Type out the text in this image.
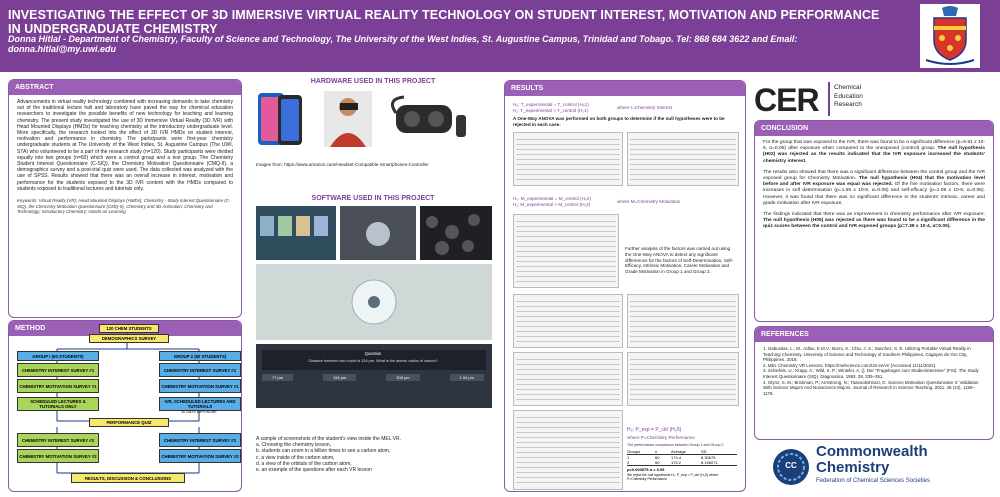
INVESTIGATING THE EFFECT OF 3D IMMERSIVE VIRTUAL REALITY TECHNOLOGY ON STUDENT INTEREST, MOTIVATION AND PERFORMANCE IN UNDERGRADUATE CHEMISTRY
Donna Hitlal - Department of Chemistry, Faculty of Science and Technology, The University of the West Indies, St. Augustine Campus, Trinidad and Tobago. Tel: 868 684 3622 and Email: donna.hitlal@my.uwi.edu
ABSTRACT
Advancements in virtual reality technology combined with increasing demands to take chemistry out of the traditional lecture hall and laboratory have paved the way for chemical education researchers to investigate the possible benefits of new technology for teaching and learning chemistry. The present study investigated the use of 3D Immersive Virtual Reality (3D IVR) with Head Mounted Displays (HMDs) for teaching chemistry at the introductory undergraduate level. More specifically, the research looked into the effect of 3D IVR HMDs on student interest, motivation and performance in chemistry. The participants were first-year chemistry undergraduate students at The University of the West Indies, St. Augustine Campus (The UWI, STA) who volunteered to be a part of the research study (n=120). Study participants were divided equally into two groups (n=60) which were a control group and a test group. The Chemistry Student Interest Questionnaire (C-SIQ), the Chemistry Motivation Questionnaire (CMQ-II), a demographics survey and a post-trial quiz were used. The data collected was analyzed with the use of SPSS. Results showed that there was an overall increase in interest, motivation and performance for the students exposed to the 3D IVR content with the HMDs compared to students exposed to traditional lectures and tutorials only.
Keywords: Virtual Reality (VR); Head Mounted Displays (HMDs); Chemistry - Study Interest Questionnaire (C-SIQ), the Chemistry Motivation Questionnaire (CMQ-II), Chemistry and 3D Animation; Chemistry and Technology; Introductory Chemistry; Hands-on Learning
METHOD	120 CHEM STUDENTS
DEMOGRAPHICS SURVEY
GROUP I (60 STUDENTS)	GROUP 2 (60 STUDENTS)
CHEMISTRY INTEREST SURVEY #1	CHEMISTRY INTEREST SURVEY #1
CHEMISTRY MOTIVATION SURVEY #1	CHEMISTRY MOTIVATION SURVEY #1
SCHEDULED LECTURES & TUTORIALS ONLY
IVR, SCHEDULED LECTURES AND TUTORIALS
30 DAYS EXPOSURE
PERFORMANCE QUIZ
CHEMISTRY INTEREST SURVEY #2	CHEMISTRY INTEREST SURVEY #2
CHEMISTRY MOTIVATION SURVEY #2	CHEMISTRY MOTIVATION SURVEY #2
RESULTS, DISCUSSION & CONCLUSIONS
HARDWARE USED IN THIS PROJECT
Images from: https://www.amazon.com/Headset-Compatible-Smartphones-Controller
SOFTWARE USED IN THIS PROJECT
Question
Distance between two nuclei is 154 pm. What is the atomic radius of carbon?
77 pm	154 pm	308 pm	1.54 pm
A sample of screenshots of the student's view inside the MEL VR.
a. Choosing the chemistry lesson,
b. students can zoom in a billion times to see a carbon atom,
c. a view inside of the carbon atom,
d. a view of the orbitals of the carbon atom,
e. an example of the questions after each VR lesson
RESULTS
H₀: T_experimental = T_control (H₀1)
H₁: T_experimental > T_control (H₁1)
where I=Chemistry Interest
A One-Way ANOVA was performed on both groups to determine if the null hypotheses were to be rejected in each case.
H₀: M_experimental = M_control (H₀2)
H₁: M_experimental > M_control (H₁2)
where M=Chemistry Motivation
Further analysis of the factors was carried out using the One-Way ANOVA to detect any significant differences for the factors of Self-Determination, Self-Efficacy, Intrinsic Motivation, Career Motivation and Grade Motivation in Group 1 and Group 2.
H₀: P_exp = P_ctrl (H₀5)
where P=Chemistry Performance
The performance comparison between Group 1 and Group 2
Groups	n	Average	SD
1	60	174.4	8.30675
2	60	175.2	8.156071
p=0.000579 α = 0.05
We reject the null hypothesis H₀: P_exp = P_ctrl (H₀5) where P=Chemistry Performance
CER Chemical
Education
Research
CONCLUSION

For the group that was exposed to the IVR, there was found to be a significant difference (p=9.91 x 10-6, α=0.05) after exposure when compared to the unexposed (control) group. The null hypothesis (H02) was rejected as the results indicated that the IVR exposure increased the students' chemistry interest.

The results also showed that there was a significant difference between the control group and the IVR exposed group for Chemistry Motivation. The null hypothesis (H04) that the motivation level before and after IVR exposure was equal was rejected. Of the five motivation factors, there were increases in self determination (p=1.55 x 10-6, α=0.05) and self-efficacy (p=1.08 x 10-6, α=0.05). However, it was found that there was no significant difference in the students' intrinsic, career and grade motivation after IVR exposure.

The findings indicated that there was an improvement in chemistry performance after IVR exposure. The null hypothesis (H05) was rejected as there was found to be a significant difference in the quiz scores between the control and IVR exposed groups (p=7.39 x 10-4, α=0.05).

REFERENCES
1. Gabunilas, L.; M., Adlao, E.M.V.; Burro, K.; Chiu, J. S.; Sanchez, S. E. Utilizing Portable Virtual Reality in Teaching Chemistry. University of Science and Technology of Southern Philippines, Cagayan de Oro City, Philippines. 2018.
2. MEL Chemistry VR Lessons. https://melscience.com/US-en/vr/ (Accessed 11/11/2022).
3. Schiefele, U.; Krapp, A.; Wild, K. P.; Winteler, A. (). Der "Fragebogen zum Studieninteresse" (FSI). The Study Interest Questionnaire (SIQ). Diagnostica. 1993. 39, 335–351.
4. Glynn, S. M.; Brickman, P.; Armstrong, N.; Taasoobshirazi, G. Science Motivation Questionnaire II: Validation With Science Majors And Nonscience Majors. Journal of Research in Science Teaching. 2011. 48 (10), 1159–1176.
CC
Commonwealth
Chemistry
Federation of Chemical Sciences Societies
